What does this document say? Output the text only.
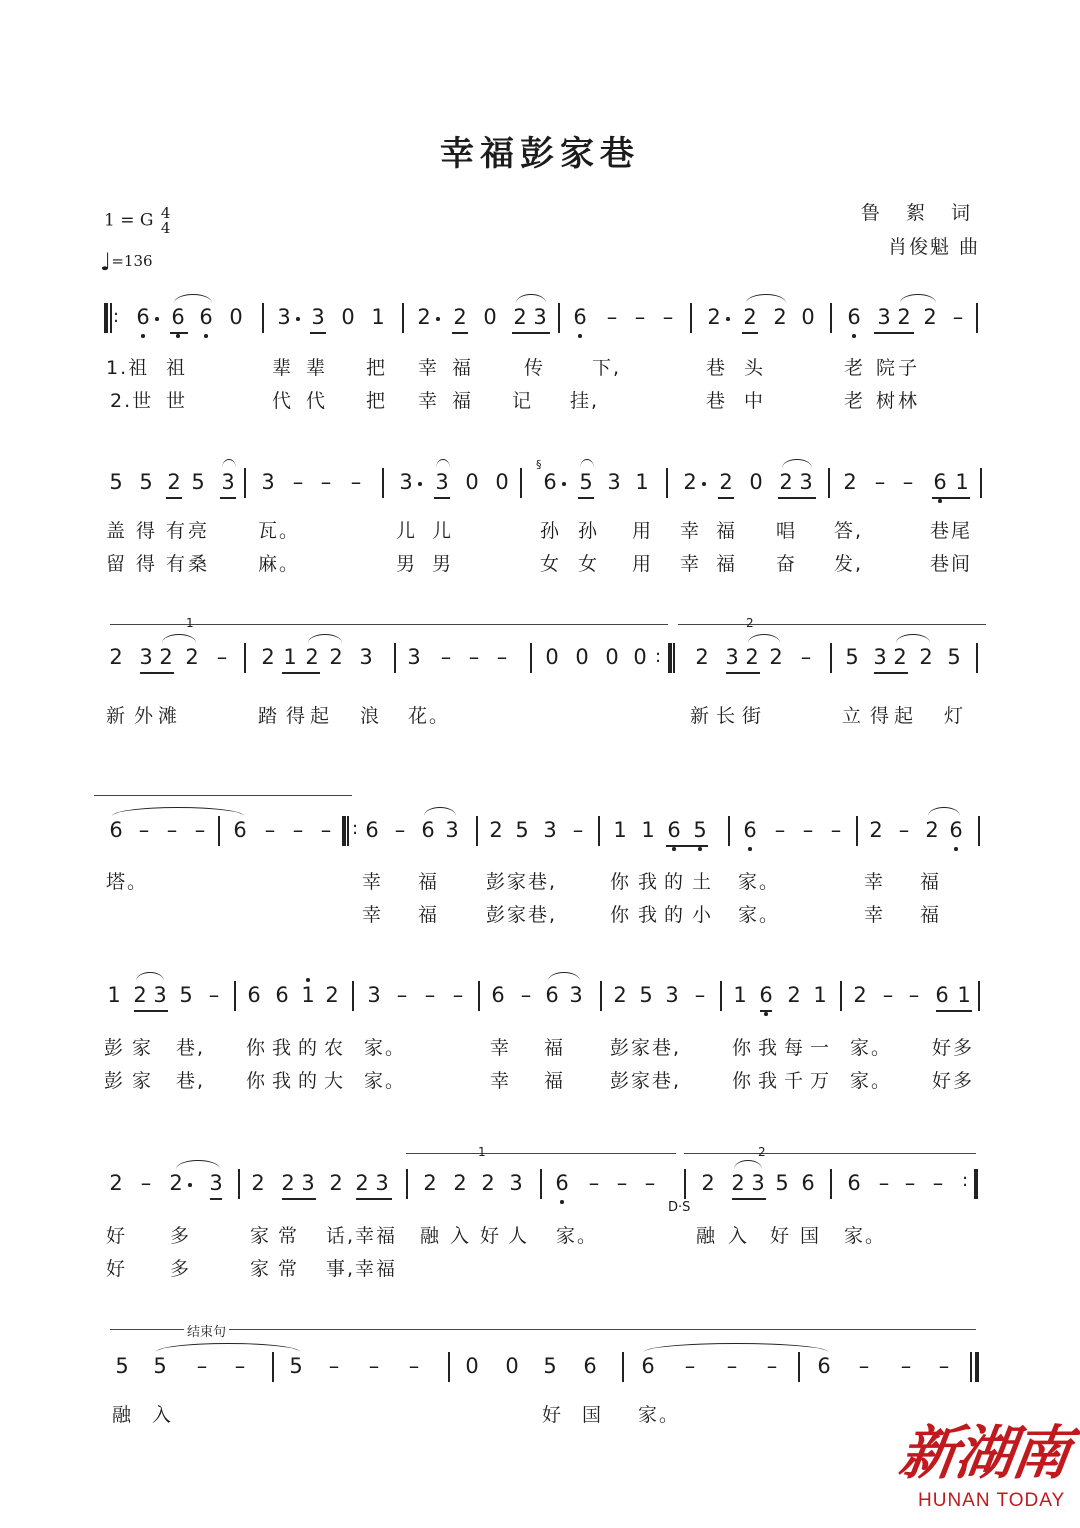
幸福彭家巷
1 = G 4
4
♩=136
鲁 絮 词
肖俊魁 曲
6 6 6 0 3 3 0 1 2 2 0 2 3 6 – – – 2 2 2 0 6 3 2 2 –
:
5 5 2 5 3 3 – – – 3 3 0 0 6 5 3 1 2 2 0 2 3 2 – – 6 1
§
2 3 2 2 – 2 1 2 2 3 3 – – – 0 0 0 0 2 3 2 2 – 5 3 2 2 5
:
6 – – – 6 – – – 6 – 6 3 2 5 3 – 1 1 6 5 6 – – – 2 – 2 6
:
1 2 3 5 – 6 6 1 2 3 – – – 6 – 6 3 2 5 3 – 1 6 2 1 2 – – 6 1
2 – 2 3 2 2 3 2 2 3 2 2 2 3 6 – – – 2 2 3 5 6 6 – – – :
5 5 – – 5 – – – 0 0 5 6 6 – – – 6 – – –
1.祖 祖	辈 辈 把 幸 福	传 下,	巷 头	老 院 子
2.世 世	代 代 把 幸 福 记 挂,	巷 中	老 树 林
盖 得 有 亮	瓦。	儿 儿	孙 孙 用 幸 福 唱 答,	巷尾
留 得 有 桑	麻。	男 男	女 女 用 幸 福 奋 发,	巷间
新 外 滩	踏 得 起 浪 花。	新 长 街	立 得 起 灯
塔。	幸 福 彭家巷,	你 我 的 土 家。	幸 福
幸 福 彭家巷,	你 我 的 小 家。	幸 福
彭 家 巷, 你 我 的 农 家。	幸 福 彭家巷,	你 我 每 一 家。 好多
彭 家 巷, 你 我 的 大 家。	幸 福 彭家巷,	你 我 千 万 家。 好多
好 多	家 常 话,幸福 融 入 好 人 家。	融 入 好 国 家。
好 多	家 常 事,幸福
融 入	好 国 家。
1	2
1	2
D·S
结束句
新湖南
HUNAN TODAY
